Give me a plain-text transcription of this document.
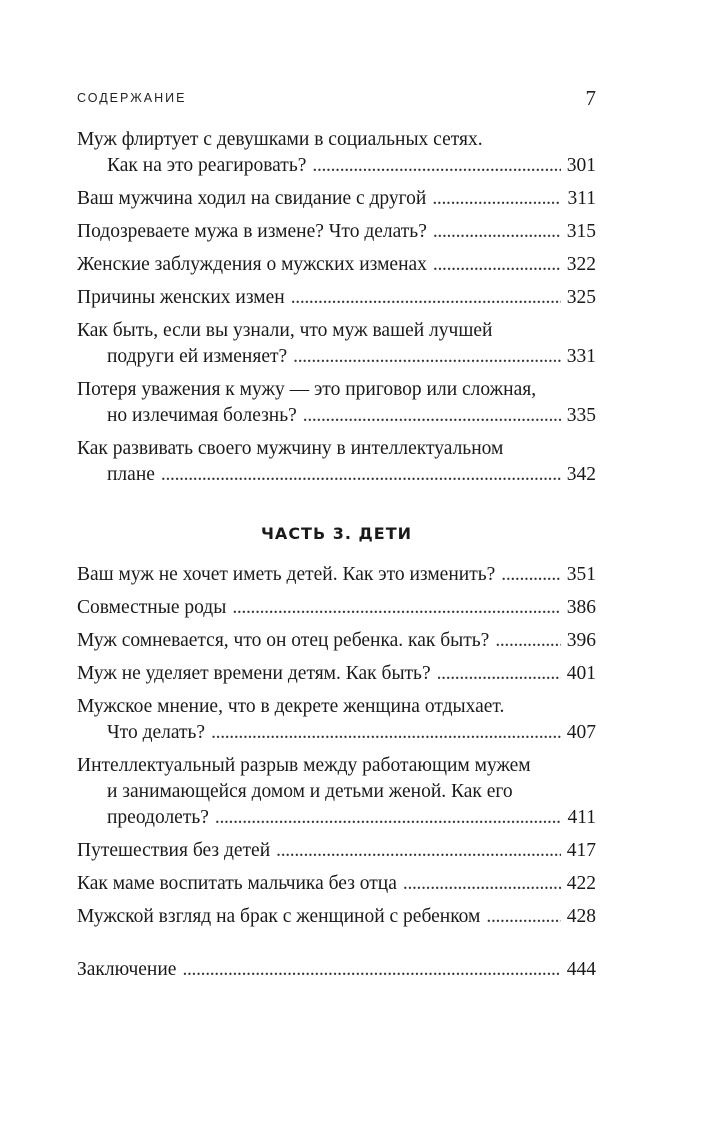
СОДЕРЖАНИЕ	7
Муж флиртует с девушками в социальных сетях.
Как на это реагировать? . . .	301
Ваш мужчина ходил на свидание с другой . . .	311
Подозреваете мужа в измене? Что делать? . . .	315
Женские заблуждения о мужских изменах . . .	322
Причины женских измен . . .	325
Как быть, если вы узнали, что муж вашей лучшей
подруги ей изменяет? . . .	331
Потеря уважения к мужу — это приговор или сложная,
но излечимая болезнь? . . .	335
Как развивать своего мужчину в интеллектуальном
плане . . .	342
ЧАСТЬ 3. ДЕТИ
Ваш муж не хочет иметь детей. Как это изменить? . . .	351
Совместные роды . . .	386
Муж сомневается, что он отец ребенка. как быть? . . .	396
Муж не уделяет времени детям. Как быть? . . .	401
Мужское мнение, что в декрете женщина отдыхает.
Что делать? . . .	407
Интеллектуальный разрыв между работающим мужем
и занимающейся домом и детьми женой. Как его
преодолеть? . . .	411
Путешествия без детей . . .	417
Как маме воспитать мальчика без отца . . .	422
Мужской взгляд на брак с женщиной с ребенком . . .	428
Заключение . . .	444
